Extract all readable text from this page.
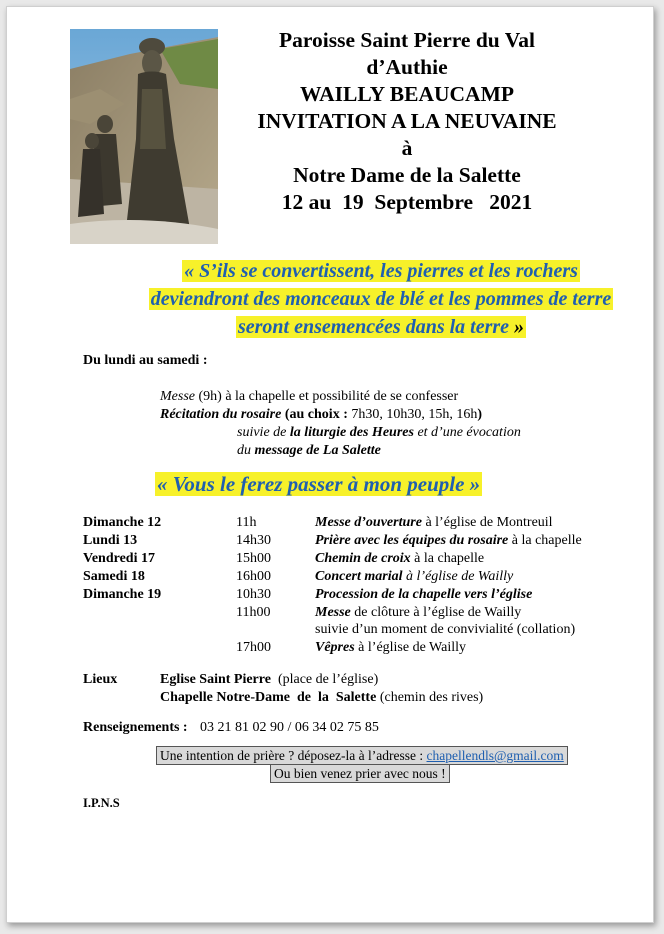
Paroisse Saint Pierre du Val
d’Authie
WAILLY BEAUCAMP
INVITATION A LA NEUVAINE
à
Notre Dame de la Salette
12 au  19  Septembre   2021
« S’ils se convertissent, les pierres et les rochers deviendront des monceaux de blé et les pommes de terre seront ensemencées dans la terre »
Du lundi au samedi :
Messe (9h) à la chapelle et possibilité de se confesser
Récitation du rosaire (au choix : 7h30, 10h30, 15h, 16h)
suivie de la liturgie des Heures et d’une évocation
du message de La Salette
« Vous le ferez passer à mon peuple »
Dimanche 12	11h	Messe d’ouverture à l’église de Montreuil
Lundi 13	14h30	Prière avec les équipes du rosaire à la chapelle
Vendredi 17	15h00	Chemin de croix à la chapelle
Samedi 18	16h00	Concert marial à l’église de Wailly
Dimanche 19	10h30	Procession de la chapelle vers l’église
11h00	Messe de clôture à l’église de Wailly
suivie d’un moment de convivialité (collation)
17h00	Vêpres à l’église de Wailly
Lieux	Eglise Saint Pierre  (place de l’église)
Chapelle Notre-Dame  de  la  Salette (chemin des rives)
Renseignements : 03 21 81 02 90 / 06 34 02 75 85
Une intention de prière ? déposez-la à l’adresse : chapellendls@gmail.com
Ou bien venez prier avec nous !
I.P.N.S
